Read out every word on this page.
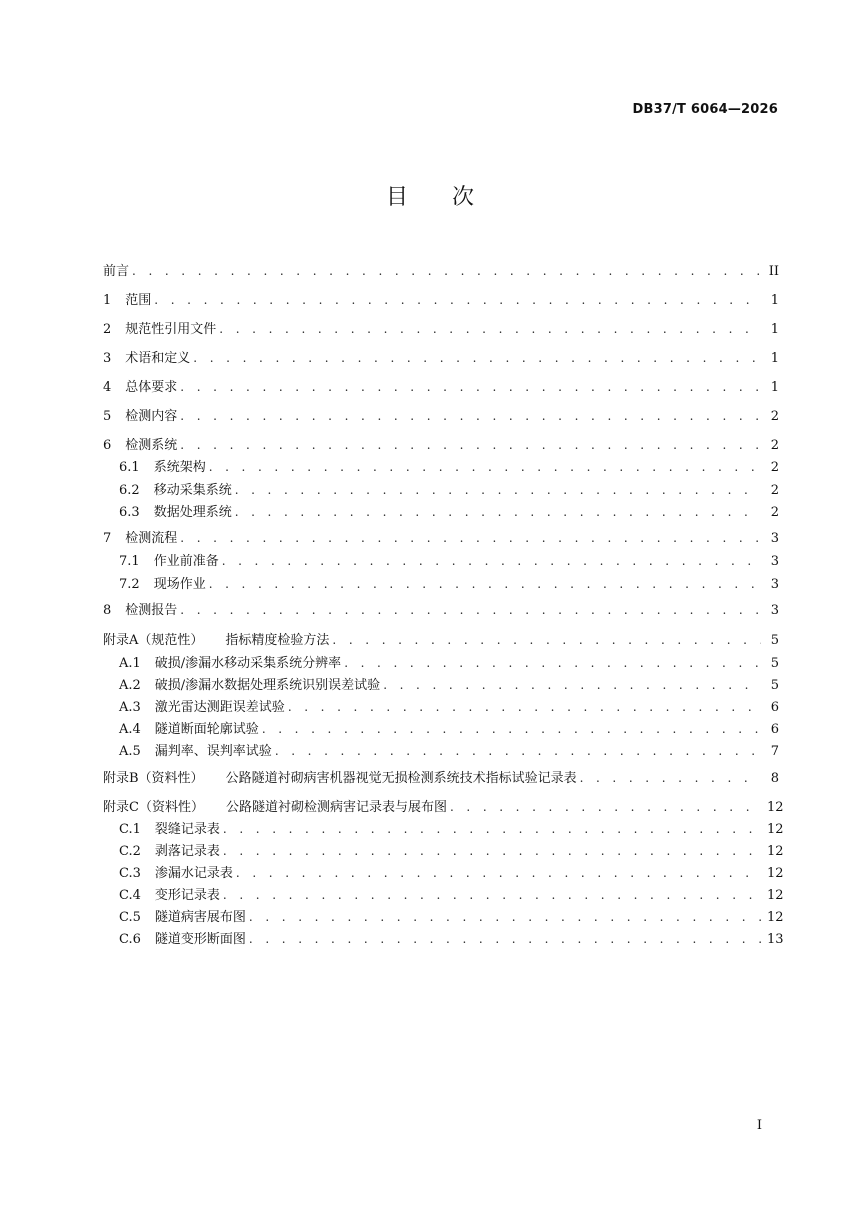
DB37/T 6064—2026
目次
前言 . . .	II
1 范围 . . .	1
2 规范性引用文件 . . .	1
3 术语和定义 . . .	1
4 总体要求 . . .	1
5 检测内容 . . .	2
6 检测系统 . . .	2
6.1 系统架构 . . .	2
6.2 移动采集系统 . . .	2
6.3 数据处理系统 . . .	2
7 检测流程 . . .	3
7.1 作业前准备 . . .	3
7.2 现场作业 . . .	3
8 检测报告 . . .	3
附录A（规范性） 指标精度检验方法 . . .	5
A.1 破损/渗漏水移动采集系统分辨率 . . .	5
A.2 破损/渗漏水数据处理系统识别误差试验 . . .	5
A.3 激光雷达测距误差试验 . . .	6
A.4 隧道断面轮廓试验 . . .	6
A.5 漏判率、误判率试验 . . .	7
附录B（资料性） 公路隧道衬砌病害机器视觉无损检测系统技术指标试验记录表 . . .	8
附录C（资料性） 公路隧道衬砌检测病害记录表与展布图 . . .	12
C.1 裂缝记录表 . . .	12
C.2 剥落记录表 . . .	12
C.3 渗漏水记录表 . . .	12
C.4 变形记录表 . . .	12
C.5 隧道病害展布图 . . .	12
C.6 隧道变形断面图 . . .	13
I
